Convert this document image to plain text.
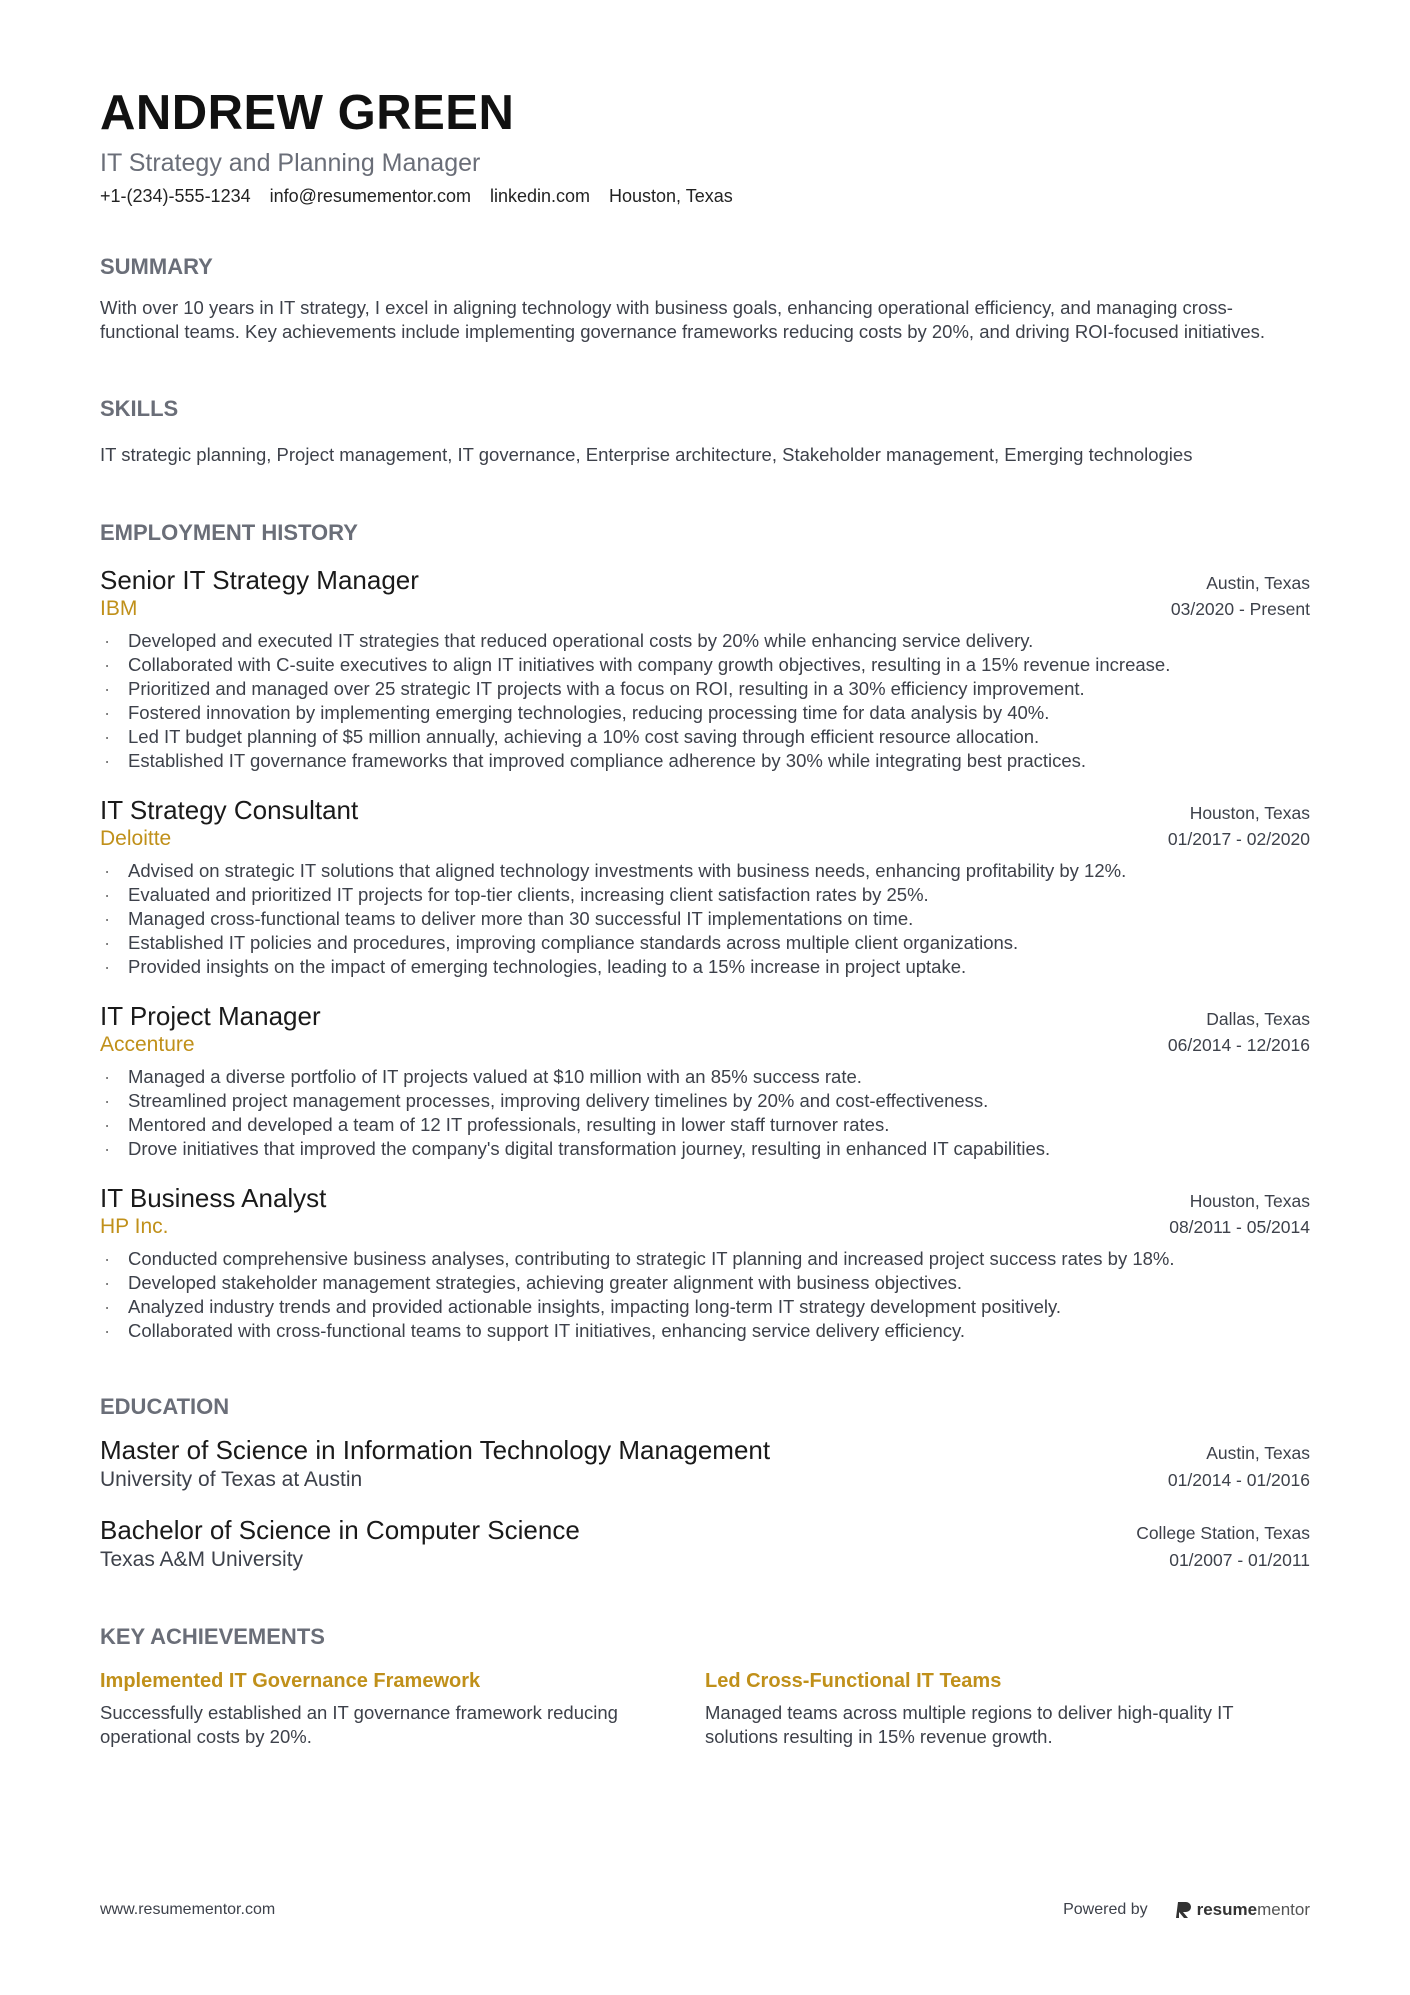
ANDREW GREEN
IT Strategy and Planning Manager
+1-(234)-555-1234 info@resumementor.com linkedin.com Houston, Texas
SUMMARY
With over 10 years in IT strategy, I excel in aligning technology with business goals, enhancing operational efficiency, and managing cross-functional teams. Key achievements include implementing governance frameworks reducing costs by 20%, and driving ROI-focused initiatives.
SKILLS
IT strategic planning, Project management, IT governance, Enterprise architecture, Stakeholder management, Emerging technologies
EMPLOYMENT HISTORY
Senior IT Strategy Manager	Austin, Texas
IBM	03/2020 - Present
· Developed and executed IT strategies that reduced operational costs by 20% while enhancing service delivery.
· Collaborated with C-suite executives to align IT initiatives with company growth objectives, resulting in a 15% revenue increase.
· Prioritized and managed over 25 strategic IT projects with a focus on ROI, resulting in a 30% efficiency improvement.
· Fostered innovation by implementing emerging technologies, reducing processing time for data analysis by 40%.
· Led IT budget planning of $5 million annually, achieving a 10% cost saving through efficient resource allocation.
· Established IT governance frameworks that improved compliance adherence by 30% while integrating best practices.
IT Strategy Consultant	Houston, Texas
Deloitte	01/2017 - 02/2020
· Advised on strategic IT solutions that aligned technology investments with business needs, enhancing profitability by 12%.
· Evaluated and prioritized IT projects for top-tier clients, increasing client satisfaction rates by 25%.
· Managed cross-functional teams to deliver more than 30 successful IT implementations on time.
· Established IT policies and procedures, improving compliance standards across multiple client organizations.
· Provided insights on the impact of emerging technologies, leading to a 15% increase in project uptake.
IT Project Manager	Dallas, Texas
Accenture	06/2014 - 12/2016
· Managed a diverse portfolio of IT projects valued at $10 million with an 85% success rate.
· Streamlined project management processes, improving delivery timelines by 20% and cost-effectiveness.
· Mentored and developed a team of 12 IT professionals, resulting in lower staff turnover rates.
· Drove initiatives that improved the company's digital transformation journey, resulting in enhanced IT capabilities.
IT Business Analyst	Houston, Texas
HP Inc.	08/2011 - 05/2014
· Conducted comprehensive business analyses, contributing to strategic IT planning and increased project success rates by 18%.
· Developed stakeholder management strategies, achieving greater alignment with business objectives.
· Analyzed industry trends and provided actionable insights, impacting long-term IT strategy development positively.
· Collaborated with cross-functional teams to support IT initiatives, enhancing service delivery efficiency.
EDUCATION
Master of Science in Information Technology Management	Austin, Texas
University of Texas at Austin	01/2014 - 01/2016
Bachelor of Science in Computer Science	College Station, Texas
Texas A&M University	01/2007 - 01/2011
KEY ACHIEVEMENTS
Implemented IT Governance Framework
Successfully established an IT governance framework reducing operational costs by 20%.
Led Cross-Functional IT Teams
Managed teams across multiple regions to deliver high-quality IT solutions resulting in 15% revenue growth.
www.resumementor.com	Powered by	resumementor
